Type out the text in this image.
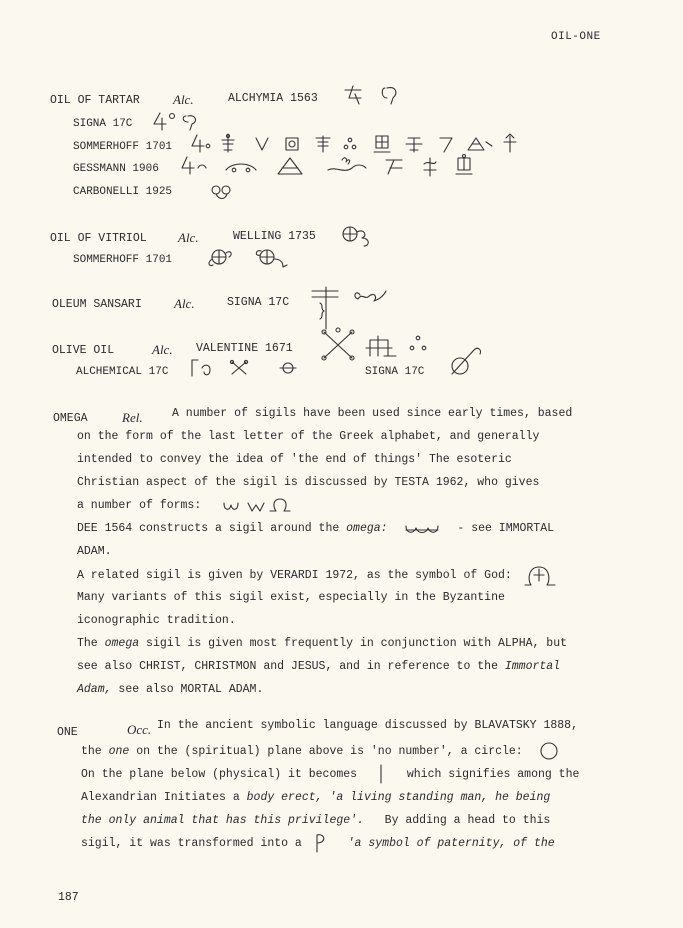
OIL-ONE
OIL OF TARTAR	Alc.	ALCHYMIA 1563
SIGNA 17C
SOMMERHOFF 1701
GESSMANN 1906
CARBONELLI 1925
OIL OF VITRIOL Alc.	WELLING 1735
SOMMERHOFF 1701
OLEUM SANSARI Alc.	SIGNA 17C
OLIVE OIL	Alc. VALENTINE 1671
ALCHEMICAL 17C	SIGNA 17C
OMEGA	Rel.	A number of sigils have been used since early times, based
on the form of the last letter of the Greek alphabet, and generally
intended to convey the idea of 'the end of things' The esoteric
Christian aspect of the sigil is discussed by TESTA 1962, who gives
a number of forms:
DEE 1564 constructs a sigil around the omega:	- see IMMORTAL
ADAM.
A related sigil is given by VERARDI 1972, as the symbol of God:
Many variants of this sigil exist, especially in the Byzantine
iconographic tradition.
The omega sigil is given most frequently in conjunction with ALPHA, but
see also CHRIST, CHRISTMON and JESUS, and in reference to the Immortal
Adam, see also MORTAL ADAM.
ONE	Occ. In the ancient symbolic language discussed by BLAVATSKY 1888,
the one on the (spiritual) plane above is 'no number', a circle:
On the plane below (physical) it becomes	which signifies among the
Alexandrian Initiates a body erect, 'a living standing man, he being
the only animal that has this privilege'. By adding a head to this
sigil, it was transformed into a	'a symbol of paternity, of the
187
